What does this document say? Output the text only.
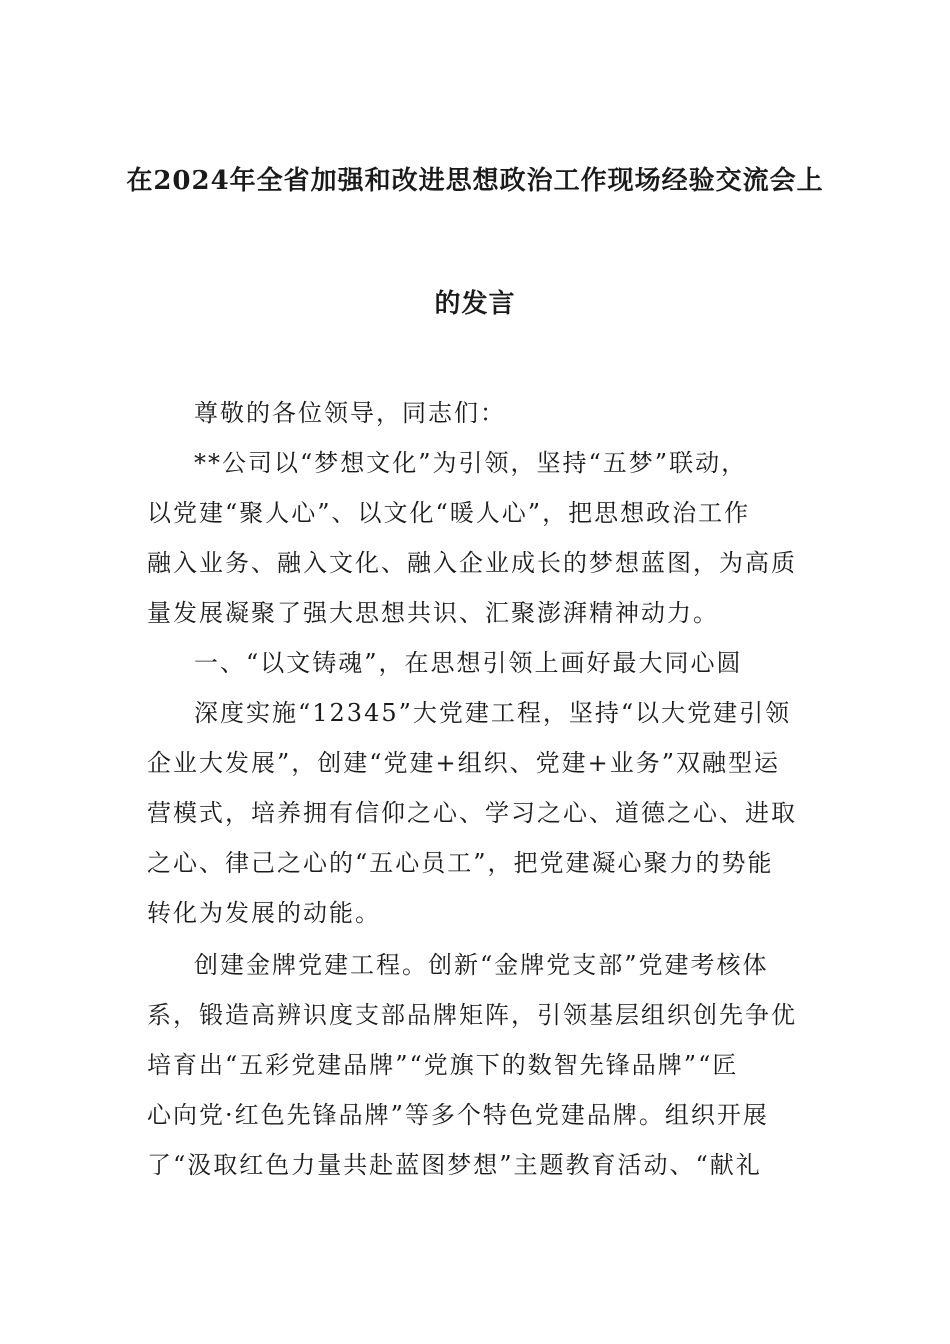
在2024年全省加强和改进思想政治工作现场经验交流会上
的发言
尊敬的各位领导，同志们：
**公司以“梦想文化”为引领，坚持“五梦”联动，
以党建“聚人心”、以文化“暖人心”，把思想政治工作
融入业务、融入文化、融入企业成长的梦想蓝图，为高质
量发展凝聚了强大思想共识、汇聚澎湃精神动力。
一、“以文铸魂”，在思想引领上画好最大同心圆
深度实施“12345”大党建工程，坚持“以大党建引领
企业大发展”，创建“党建+组织、党建+业务”双融型运
营模式，培养拥有信仰之心、学习之心、道德之心、进取
之心、律己之心的“五心员工”，把党建凝心聚力的势能
转化为发展的动能。
创建金牌党建工程。创新“金牌党支部”党建考核体
系，锻造高辨识度支部品牌矩阵，引领基层组织创先争优
培育出“五彩党建品牌”“党旗下的数智先锋品牌”“匠
心向党·红色先锋品牌”等多个特色党建品牌。组织开展
了“汲取红色力量共赴蓝图梦想”主题教育活动、“献礼
